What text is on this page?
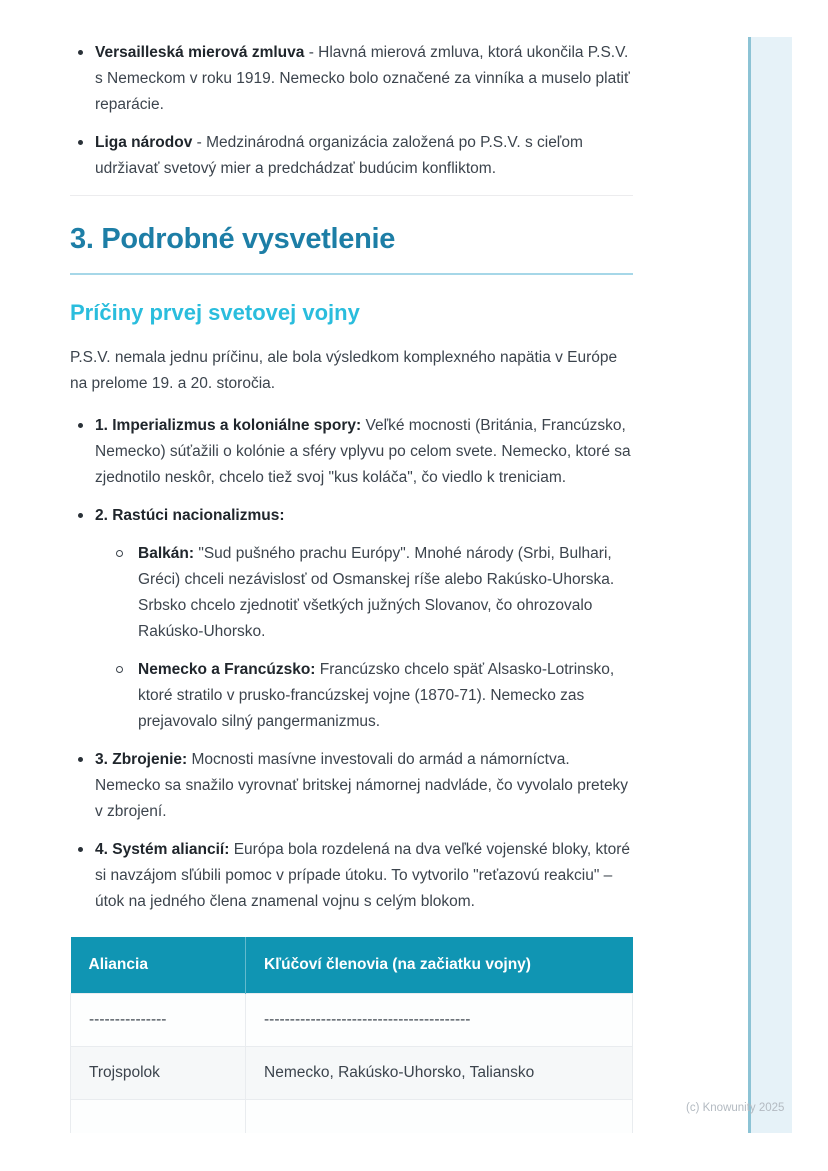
Versailleská mierová zmluva - Hlavná mierová zmluva, ktorá ukončila P.S.V. s Nemeckom v roku 1919. Nemecko bolo označené za vinníka a muselo platiť reparácie.
Liga národov - Medzinárodná organizácia založená po P.S.V. s cieľom udržiavať svetový mier a predchádzať budúcim konfliktom.
3. Podrobné vysvetlenie
Príčiny prvej svetovej vojny

P.S.V. nemala jednu príčinu, ale bola výsledkom komplexného napätia v Európe na prelome 19. a 20. storočia.

1. Imperializmus a koloniálne spory: Veľké mocnosti (Británia, Francúzsko, Nemecko) súťažili o kolónie a sféry vplyvu po celom svete. Nemecko, ktoré sa zjednotilo neskôr, chcelo tiež svoj "kus koláča", čo viedlo k treniciam.
2. Rastúci nacionalizmus:
Balkán: "Sud pušného prachu Európy". Mnohé národy (Srbi, Bulhari, Gréci) chceli nezávislosť od Osmanskej ríše alebo Rakúsko-Uhorska. Srbsko chcelo zjednotiť všetkých južných Slovanov, čo ohrozovalo Rakúsko-Uhorsko.
Nemecko a Francúzsko: Francúzsko chcelo späť Alsasko-Lotrinsko, ktoré stratilo v prusko-francúzskej vojne (1870-71). Nemecko zas prejavovalo silný pangermanizmus.
3. Zbrojenie: Mocnosti masívne investovali do armád a námorníctva. Nemecko sa snažilo vyrovnať britskej námornej nadvláde, čo vyvolalo preteky v zbrojení.
4. Systém aliancií: Európa bola rozdelená na dva veľké vojenské bloky, ktoré si navzájom sľúbili pomoc v prípade útoku. To vytvorilo "reťazovú reakciu" – útok na jedného člena znamenal vojnu s celým blokom.
Aliancia	Kľúčoví členovia (na začiatku vojny)
---------------	----------------------------------------
Trojspolok	Nemecko, Rakúsko-Uhorsko, Taliansko

(c) Knowunity 2025
